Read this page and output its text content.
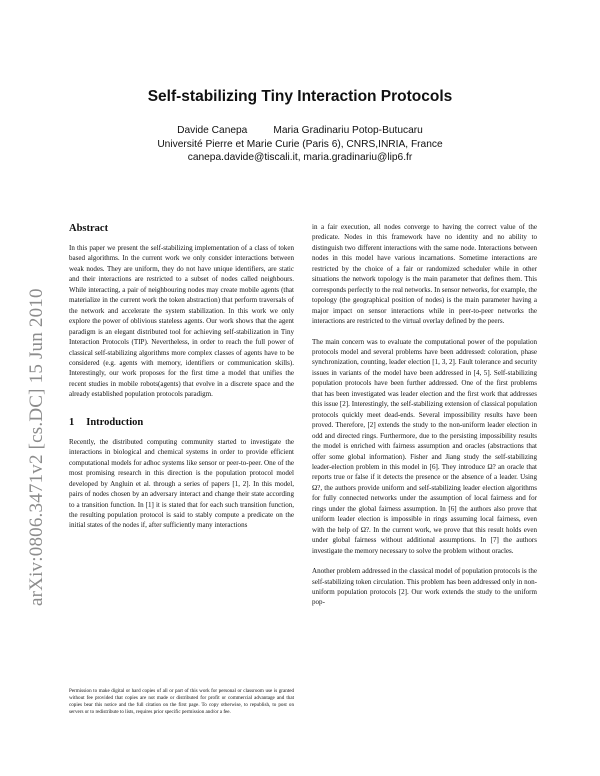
arXiv:0806.3471v2 [cs.DC] 15 Jun 2010
Self-stabilizing Tiny Interaction Protocols
Davide Canepa	Maria Gradinariu Potop-Butucaru
Université Pierre et Marie Curie (Paris 6), CNRS,INRIA, France
canepa.davide@tiscali.it, maria.gradinariu@lip6.fr
Abstract

In this paper we present the self-stabilizing implementation of a class of token based algorithms. In the current work we only consider interactions between weak nodes. They are uniform, they do not have unique identifiers, are static and their interactions are restricted to a subset of nodes called neighbours. While interacting, a pair of neighbouring nodes may create mobile agents (that materialize in the current work the token abstraction) that perform traversals of the network and accelerate the system stabilization. In this work we only explore the power of oblivious stateless agents. Our work shows that the agent paradigm is an elegant distributed tool for achieving self-stabilization in Tiny Interaction Protocols (TIP). Nevertheless, in order to reach the full power of classical self-stabilizing algorithms more complex classes of agents have to be considered (e.g. agents with memory, identifiers or communication skills). Interestingly, our work proposes for the first time a model that unifies the recent studies in mobile robots(agents) that evolve in a discrete space and the already established population protocols paradigm.

1 Introduction

Recently, the distributed computing community started to investigate the interactions in biological and chemical systems in order to provide efficient computational models for adhoc systems like sensor or peer-to-peer. One of the most promising research in this direction is the population protocol model developed by Angluin et al. through a series of papers [1, 2]. In this model, pairs of nodes chosen by an adversary interact and change their state according to a transition function. In [1] it is stated that for each such transition function, the resulting population protocol is said to stably compute a predicate on the initial states of the nodes if, after sufficiently many interactions

in a fair execution, all nodes converge to having the correct value of the predicate. Nodes in this framework have no identity and no ability to distinguish two different interactions with the same node. Interactions between nodes in this model have various incarnations. Sometime interactions are restricted by the choice of a fair or randomized scheduler while in other situations the network topology is the main parameter that defines them. This corresponds perfectly to the real networks. In sensor networks, for example, the topology (the geographical position of nodes) is the main parameter having a major impact on sensor interactions while in peer-to-peer networks the interactions are restricted to the virtual overlay defined by the peers.

The main concern was to evaluate the computational power of the population protocols model and several problems have been addressed: coloration, phase synchronization, counting, leader election [1, 3, 2]. Fault tolerance and security issues in variants of the model have been addressed in [4, 5]. Self-stabilizing population protocols have been further addressed. One of the first problems that has been investigated was leader election and the first work that addresses this issue [2]. Interestingly, the self-stabilizing extension of classical population protocols quickly meet dead-ends. Several impossibility results have been proved. Therefore, [2] extends the study to the non-uniform leader election in odd and directed rings. Furthermore, due to the persisting impossibility results the model is enriched with fairness assumption and oracles (abstractions that offer some global information). Fisher and Jiang study the self-stabilizing leader-election problem in this model in [6]. They introduce Ω? an oracle that reports true or false if it detects the presence or the absence of a leader. Using Ω?, the authors provide uniform and self-stabilizing leader election algorithms for fully connected networks under the assumption of local fairness and for rings under the global fairness assumption. In [6] the authors also prove that uniform leader election is impossible in rings assuming local fairness, even with the help of Ω?. In the current work, we prove that this result holds even under global fairness without additional assumptions. In [7] the authors investigate the memory necessary to solve the problem without oracles.

Another problem addressed in the classical model of population protocols is the self-stabilizing token circulation. This problem has been addressed only in non-uniform population protocols [2]. Our work extends the study to the uniform pop-

Permission to make digital or hard copies of all or part of this work for personal or classroom use is granted without fee provided that copies are not made or distributed for profit or commercial advantage and that copies bear this notice and the full citation on the first page. To copy otherwise, to republish, to post on servers or to redistribute to lists, requires prior specific permission and/or a fee.
